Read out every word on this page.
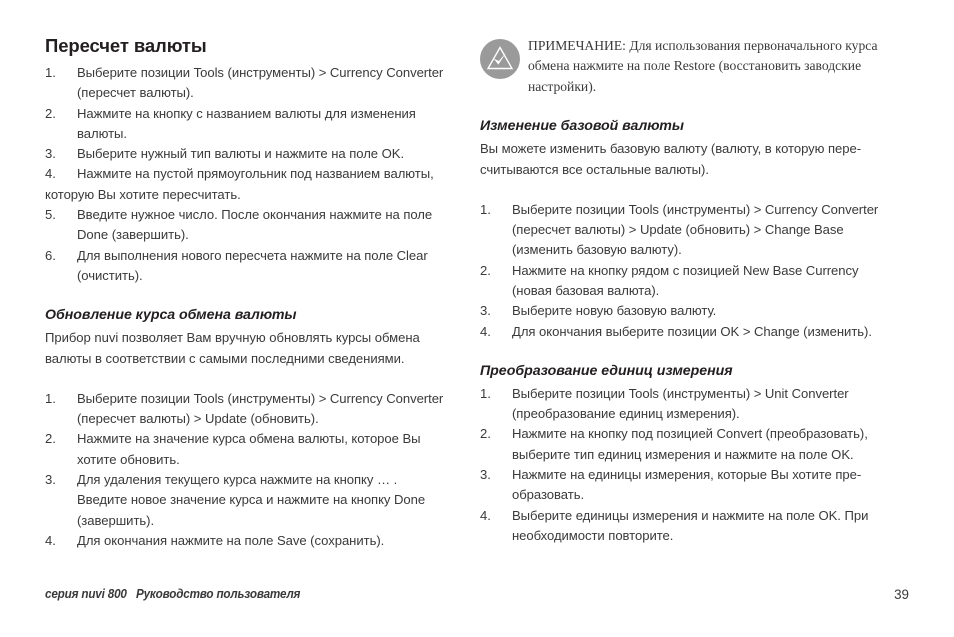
Пересчет валюты
1.	Выберите позиции Tools (инструменты) > Currency Converter (пересчет валюты).
2.	Нажмите на кнопку с названием валюты для изменения валюты.
3.	Выберите нужный тип валюты и нажмите на поле OK.
4.	Нажмите на пустой прямоугольник под названием валюты,
которую Вы хотите пересчитать.
5.	Введите нужное число. После окончания нажмите на поле Done (завершить).
6.	Для выполнения нового пересчета нажмите на поле Clear (очистить).
Обновление курса обмена валюты

Прибор nuvi позволяет Вам вручную обновлять курсы обмена валюты в соответствии с самыми последними сведениями.

1.	Выберите позиции Tools (инструменты) > Currency Converter (пересчет валюты) > Update (обновить).
2.	Нажмите на значение курса обмена валюты, которое Вы хотите обновить.
3.	Для удаления текущего курса нажмите на кнопку … . Введите новое значение курса и нажмите на кнопку Done (завершить).
4.	Для окончания нажмите на поле Save (сохранить).

ПРИМЕЧАНИЕ: Для использования первоначального курса обмена нажмите на поле Restore (восстановить заводские настройки).

Изменение базовой валюты

Вы можете изменить базовую валюту (валюту, в которую пере-считываются все остальные валюты).

1.	Выберите позиции Tools (инструменты) > Currency Converter (пересчет валюты) > Update (обновить) > Change Base (изменить базовую валюту).
2.	Нажмите на кнопку рядом с позицией New Base Currency (новая базовая валюта).
3.	Выберите новую базовую валюту.
4.	Для окончания выберите позиции OK > Change (изменить).
Преобразование единиц измерения
1.	Выберите позиции Tools (инструменты) > Unit Converter (преобразование единиц измерения).
2.	Нажмите на кнопку под позицией Convert (преобразовать), выберите тип единиц измерения и нажмите на поле OK.
3.	Нажмите на единицы измерения, которые Вы хотите пре-образовать.
4.	Выберите единицы измерения и нажмите на поле OK. При необходимости повторите.
серия nuvi 800   Руководство пользователя	39
